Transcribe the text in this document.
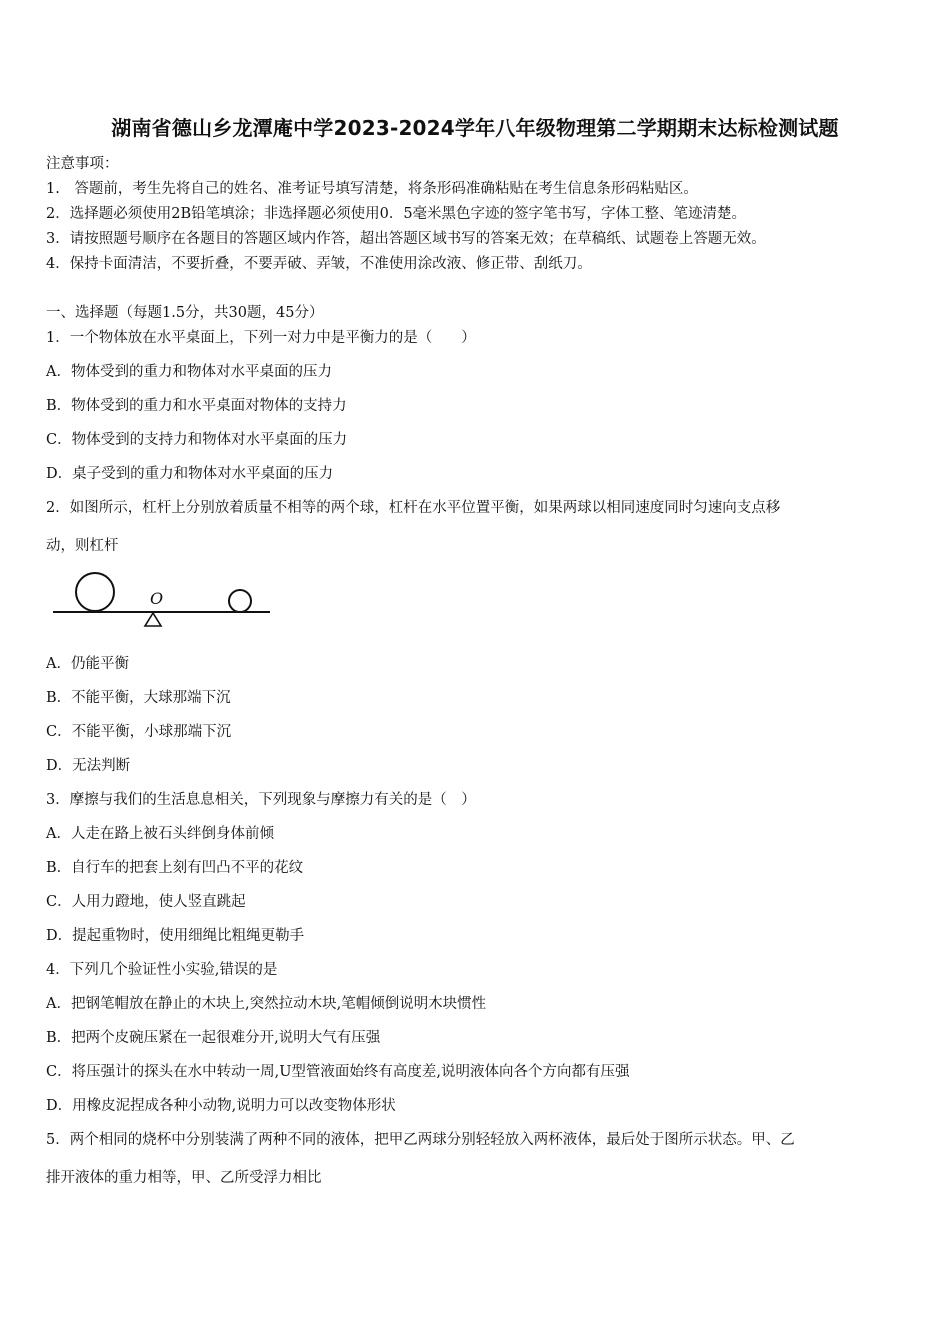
湖南省德山乡龙潭庵中学2023-2024学年八年级物理第二学期期末达标检测试题
注意事项：
1.　答题前，考生先将自己的姓名、准考证号填写清楚，将条形码准确粘贴在考生信息条形码粘贴区。
2．选择题必须使用2B铅笔填涂；非选择题必须使用0．5毫米黑色字迹的签字笔书写，字体工整、笔迹清楚。
3．请按照题号顺序在各题目的答题区域内作答，超出答题区域书写的答案无效；在草稿纸、试题卷上答题无效。
4．保持卡面清洁，不要折叠，不要弄破、弄皱，不准使用涂改液、修正带、刮纸刀。
一、选择题（每题1.5分，共30题，45分）
1．一个物体放在水平桌面上，下列一对力中是平衡力的是（　　）
A．物体受到的重力和物体对水平桌面的压力
B．物体受到的重力和水平桌面对物体的支持力
C．物体受到的支持力和物体对水平桌面的压力
D．桌子受到的重力和物体对水平桌面的压力
2．如图所示，杠杆上分别放着质量不相等的两个球，杠杆在水平位置平衡，如果两球以相同速度同时匀速向支点移
动，则杠杆
O
A．仍能平衡
B．不能平衡，大球那端下沉
C．不能平衡，小球那端下沉
D．无法判断
3．摩擦与我们的生活息息相关，下列现象与摩擦力有关的是（　）
A．人走在路上被石头绊倒身体前倾
B．自行车的把套上刻有凹凸不平的花纹
C．人用力蹬地，使人竖直跳起
D．提起重物时，使用细绳比粗绳更勒手
4．下列几个验证性小实验,错误的是
A．把钢笔帽放在静止的木块上,突然拉动木块,笔帽倾倒说明木块惯性
B．把两个皮碗压紧在一起很难分开,说明大气有压强
C．将压强计的探头在水中转动一周,U型管液面始终有高度差,说明液体向各个方向都有压强
D．用橡皮泥捏成各种小动物,说明力可以改变物体形状
5．两个相同的烧杯中分别装满了两种不同的液体，把甲乙两球分别轻轻放入两杯液体，最后处于图所示状态。甲、乙
排开液体的重力相等，甲、乙所受浮力相比
